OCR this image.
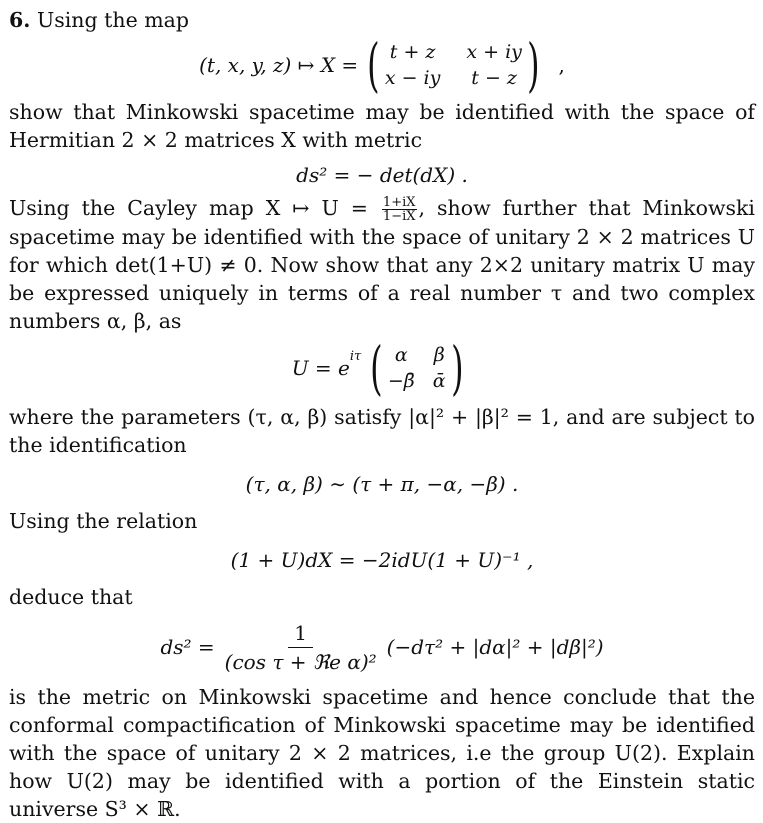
6. Using the map

(t, x, y, z) ↦ X = ( t + z x + iy
x − iy t − z ) ,

show that Minkowski spacetime may be identified with the space of Hermitian 2 × 2 matrices X with metric

ds² = − det(dX) .

Using the Cayley map X ↦ $U = \frac{1+iX}{1-iX}$ , show further that Minkowski spacetime may be identified with the space of unitary 2 × 2 matrices U for which det(1+U) ≠ 0. Now show that any 2×2 unitary matrix U may be expressed uniquely in terms of a real number τ and two complex numbers α, β, as

$U = e^{i\tau}$ ( α	β
−β̄ ᾱ )

where the parameters (τ, α, β) satisfy |α|² + |β|² = 1, and are subject to the identification

(τ, α, β) ∼ (τ + π, −α, −β) .

Using the relation

(1 + U)dX = −2idU(1 + U)⁻¹ ,

deduce that

$ds^2 = \frac{1}{\text{(cos τ + ℜe α)²}} (-d\tau^2 + |d\alpha|^2 + |d\beta|^2)$

is the metric on Minkowski spacetime and hence conclude that the conformal compactification of Minkowski spacetime may be identified with the space of unitary 2 × 2 matrices, i.e the group U(2). Explain how U(2) may be identified with a portion of the Einstein static universe S³ × ℝ.
